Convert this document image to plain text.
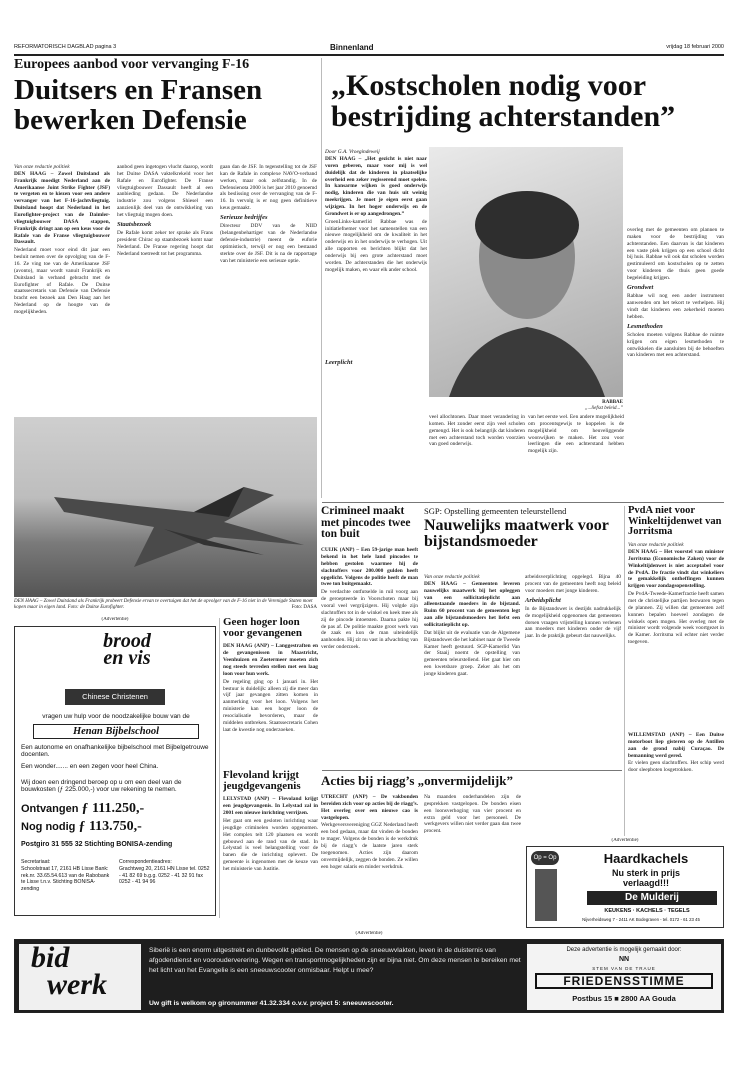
REFORMATORISCH DAGBLAD pagina 3	Binnenland	vrijdag 18 februari 2000
Europees aanbod voor vervanging F-16
Duitsers en Fransen bewerken Defensie
Van onze redactie politiek

DEN HAAG – Zowel Duitsland als Frankrijk moedigt Nederland aan de Amerikaanse Joint Strike Fighter (JSF) te vergeten en te kiezen voor een andere vervanger van het F-16-jachtvliegtuig. Duitsland hoopt dat Nederland in het Eurofighter-project van de Daimler-vliegtuigbouwer DASA stappen, Frankrijk dringt aan op een keus voor de Rafale van de Franse vliegtuigbouwer Dassault.

Nederland moet voor eind dit jaar een besluit nemen over de opvolging van de F-16. Ze ving toe van de Amerikaanse JSF (avonto), maar wordt vanuit Frankrijk en Duitsland in verband gebracht met de Eurofighter of Rafale. De Duitse staatssecretaris van Defensie van Defensie bracht een bezoek aan Den Haag aan het Nederland op de hoogte van de mogelijkheden.

aanbod geen ingetogen vlucht daarop, wordt het Duitse DASA vaktelkrekeld voor het Rafale en Eurofighter. De Franse vliegtuigbouwer Dassault heeft al een aanbieding gedaan. De Nederlandse industrie zou volgens Shiesel een aanzienlijk deel van de ontwikkeling van het vliegtuig mogen doen.

Staatsbezoek

De Rafale komt zeker ter sprake als Frans president Chirac op staatsbezoek komt naar Nederland. De Franse regering hoopt dat Nederland toetreedt tot het programma.

gaan dan de JSF. In tegenstelling tot de JSF kan de Rafale in complexe NAVO-verband werken, maar ook zelfstandig. In de Defensienota 2000 is het jaar 2010 genoemd als beslissing over de vervanging van de F-16. In vervolg is er nog geen definitieve keus gemaakt.

Serieuze bedrijfes

Directeur DDV van de NIID (belangenbehartiger van de Nederlandse defensie-industrie) meent de euforie optimistisch, terwijl er nog een bestaand sterkte over de JSF. Dit is na de rapportage van het ministerie een serieuze optie.

DEN HAAG – Zowel Duitsland als Frankrijk probeert Defensie ervan te overtuigen dat het de opvolger van de F-16 niet in de Verenigde Staten moet kopen maar in eigen land. Foto: de Duitse Eurofighter.	Foto: DASA
„Kostscholen nodig voor bestrijding achterstanden”
Door G.A. Vroegindeweij

DEN HAAG – „Het gezicht is niet naar voren geberen, maar voor mij is wel duidelijk dat de kinderen in plaatselijke overheid een zeker regisserend moet spelen. In kansarme wijken is goed onderwijs nodig, kinderen die van huis uit weinig meekrijgen. Je moet je eigen eerst gaan wijzigen. In het hoger onderwijs en de Grondwet is er op aangedrongen.”

GroenLinks-kamerlid Rabbae was de initiatiefnemer voor het samenstellen van een nieuwe mogelijkheid om de kwaliteit in het onderwijs en in het onderwijs te verhogen. Uit alle rapporten en berichten blijkt dat het onderwijs bij een grote achterstand moet worden. De achterstanden die het onderwijs mogelijk maken, en waar elk ander school.

RABBAE
„...liefsst beleid...”
Leerplicht

veel allochtonen. Daar moet verandering in komen. Het zonder eerst zijn veel scholen gemengd. Het is ook belangrijk dat kinderen met een achterstand toch worden voorzien van goed onderwijs.

van het eerste wel. Een andere mogelijkheid om procentsgewijs te koppelen is de mogelijkheid om heuveliggende woonwijken te maken. Het zou voor leerlingen die een achterstand hebben mogelijk zijn.

overleg met de gemeenten om plannen te maken voor de bestrijding van achterstanden. Een daarvan is dat kinderen een vaste plek krijgen op een school dicht bij huis. Rabbae wil ook dat scholen worden gestimuleerd om kostscholen op te zetten voor kinderen die thuis geen goede begeleiding krijgen.

Grondwet

Rabbae wil nog een ander instrument aanwenden om het tekort te verhelpen. Hij vindt dat kinderen een zekerheid moeten hebben.

Lesmethoden

Scholen moeten volgens Rabbae de ruimte krijgen om eigen lesmethoden te ontwikkelen die aansluiten bij de behoeften van kinderen met een achterstand.

Crimineel maakt met pincodes twee ton buit

CUIJK (ANP) – Een 59-jarige man heeft bekend in het hele land pincodes te hebben gestolen waarmee hij de slachtoffers voor 200.000 gulden heeft opgelicht. Volgens de politie heeft de man twee ton buitgemaakt.

De verdachte ontfutselde in ruil voorg aan de geroepteerde in Voorschoten maar bij vooral veel vergrijzigers. Hij volgde zijn slachtoffers tot in de winkel en keek mee als zij de pincode intoetsten. Daarna pakte hij de pas af. De politie maakte groot werk van de zaak en kon de man uiteindelijk aanhouden. Hij zit nu vast in afwachting van verder onderzoek.

SGP: Opstelling gemeenten teleurstellend
Nauwelijks maatwerk voor bijstandsmoeder
Van onze redactie politiek

DEN HAAG – Gemeenten leveren nauwelijks maatwerk bij het opleggen van een sollicitatieplicht aan alleenstaande moeders in de bijstand. Ruim 60 procent van de gemeenten legt aan alle bijstandsmoeders het liefst een sollicitatieplicht op.

Dat blijkt uit de evaluatie van de Algemene Bijstandswet die het kabinet naar de Tweede Kamer heeft gestuurd. SGP-Kamerlid Van der Staaij noemt de opstelling van gemeenten teleurstellend. Het gaat hier om een kwetsbare groep. Zeker als het om jonge kinderen gaat.

arbeidsverplichting opgelegd. Bijna 40 procent van de gemeenten heeft nog beleid voor moeders met jonge kinderen.

Arbeidsplicht

In de Bijstandswet is destijds nadrukkelijk de mogelijkheid opgenomen dat gemeenten dorsen vraagen vrijstelling kunnen verlenen aan moeders met kinderen onder de vijf jaar. In de praktijk gebeurt dat nauwelijks.

PvdA niet voor Winkeltijdenwet van Jorritsma
Van onze redactie politiek

DEN HAAG – Het voorstel van minister Jorritsma (Economische Zaken) voor de Winkeltijdenwet is niet acceptabel voor de PvdA. De fractie vindt dat winkeliers te gemakkelijk ontheffingen kunnen krijgen voor zondagsopenstelling.

De PvdA-Tweede-Kamerfractie heeft samen met de christelijke partijen bezwaren tegen de plannen. Zij willen dat gemeenten zelf kunnen bepalen hoeveel zondagen de winkels open mogen. Het overleg met de minister wordt volgende week voortgezet in de Kamer. Jorritsma wil echter niet verder toegeven.

WILLEMSTAD (ANP) – Een Duitse motorboot liep gisteren op de Antillen aan de grond nabij Curaçao. De bemanning werd gered.

Er vielen geen slachtoffers. Het schip werd door sleepboten losgetrokken.

(Advertentie)
brood
en vis
Chinese Christenen
vragen uw hulp voor de noodzakelijke bouw van de
Henan Bijbelschool
Een autonome en onafhankelijke bijbelschool met Bijbelgetrouwe docenten.
Een wonder....... en een zegen voor heel China.
Wij doen een dringend beroep op u om een deel van de bouwkosten (ƒ 225.000,-) voor uw rekening te nemen.
Ontvangen ƒ 111.250,-
Nog nodig ƒ 113.750,-
Postgiro 31 555 32 Stichting BONISA-zending
Secretariaat:
Schoolstraat 17, 2161 HB Lisse Bank: rek.nr. 33.65.54.613 van de Rabobank te Lisse t.n.v. Stichting BONISA-zending
Correspondentieadres:
Grachtweg 20, 2161 HN Lisse tel. 0252 - 41 82 69 b.g.g. 0252 - 41 32 91 fax 0252 - 41 94 96
Geen hoger loon voor gevangenen

DEN HAAG (ANP) – Langgestraften en de gevangenissen in Maastricht, Veenhuizen en Zoetermeer moeten zich nog steeds tevreden stellen met een laag loon voor hun werk.

De regeling ging op 1 januari in. Het bestuur is duidelijk: alleen zij die meer dan vijf jaar gevangen zitten komen in aanmerking voor het loon. Volgens het ministerie kan een hoger loon de resocialisatie bevorderen, maar de middelen ontbreken. Staatssecretaris Cohen laat de kwestie nog onderzoeken.

Flevoland krijgt jeugdgevangenis

LELYSTAD (ANP) – Flevoland krijgt een jeugdgevangenis. In Lelystad zal in 2001 een nieuwe inrichting verrijzen.

Het gaat om een gesloten inrichting waar jeugdige criminelen worden opgenomen. Het complex telt 120 plaatsen en wordt gebouwd aan de rand van de stad. In Lelystad is veel belangstelling voor de banen die de inrichting oplevert. De gemeente is ingenomen met de keuze van het ministerie van Justitie.

Acties bij riagg’s „onvermijdelijk”

UTRECHT (ANP) – De vakbonden bereiden zich voor op acties bij de riagg’s. Het overleg over een nieuwe cao is vastgelopen.

Werkgeversvereniging GGZ Nederland heeft een bod gedaan, maar dat vinden de bonden te mager. Volgens de bonden is de werkdruk bij de riagg’s de laatste jaren sterk toegenomen. Acties zijn daarom onvermijdelijk, zeggen de bonden. Ze willen een hoger salaris en minder werkdruk.

Na maanden onderhandelen zijn de gesprekken vastgelopen. De bonden eisen een loonsverhoging van vier procent en extra geld voor het personeel. De werkgevers willen niet verder gaan dan twee procent.

(Advertentie)
Op = Op	Haardkachels
Nu sterk in prijs
verlaagd!!!
De Mulderij
KEUKENS · KACHELS · TEGELS
Nijverheidsweg 7 - 2411 AK Bodegraven - tel. 0172 - 61 23 45
(Advertentie)
bid
werk
Siberië is een enorm uitgestrekt en dunbevolkt gebied. De mensen op de sneeuwvlakten, leven in de duisternis van afgodendienst en voorouderverering. Wegen en transportmogelijkheden zijn er bijna niet. Om deze mensen te bereiken met het licht van het Evangelie is een sneeuwscooter onmisbaar. Helpt u mee?
Uw gift is welkom op gironummer 41.32.334 o.v.v. project 5: sneeuwscooter.
Deze advertentie is mogelijk gemaakt door:
NN
STEM VAN DE TRAUE
FRIEDENSSTIMME
Postbus 15 ■ 2800 AA Gouda
